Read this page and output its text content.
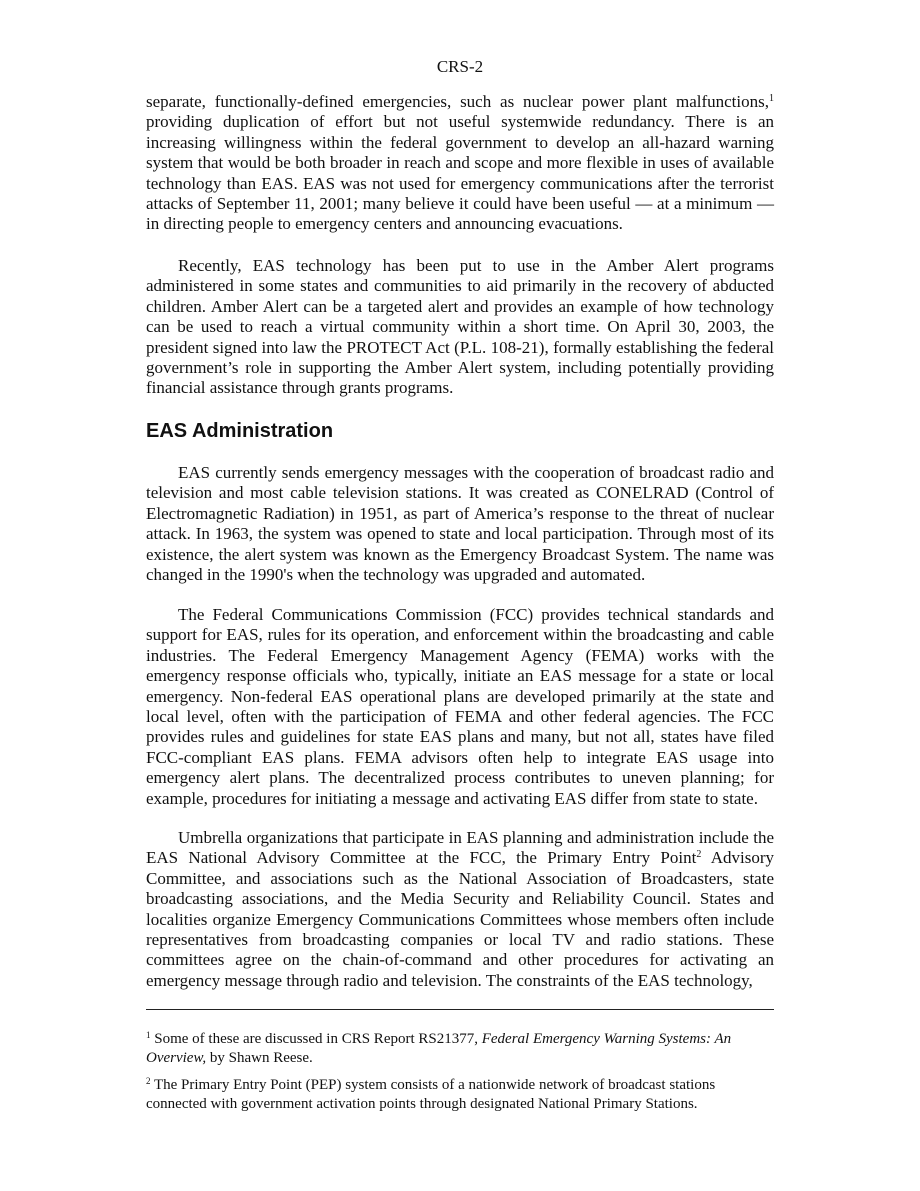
CRS-2

separate, functionally-defined emergencies, such as nuclear power plant malfunctions,$^1$ providing duplication of effort but not useful systemwide redundancy. There is an increasing willingness within the federal government to develop an all-hazard warning system that would be both broader in reach and scope and more flexible in uses of available technology than EAS. EAS was not used for emergency communications after the terrorist attacks of September 11, 2001; many believe it could have been useful — at a minimum — in directing people to emergency centers and announcing evacuations.

Recently, EAS technology has been put to use in the Amber Alert programs administered in some states and communities to aid primarily in the recovery of abducted children. Amber Alert can be a targeted alert and provides an example of how technology can be used to reach a virtual community within a short time. On April 30, 2003, the president signed into law the PROTECT Act (P.L. 108-21), formally establishing the federal government’s role in supporting the Amber Alert system, including potentially providing financial assistance through grants programs.

EAS Administration

EAS currently sends emergency messages with the cooperation of broadcast radio and television and most cable television stations. It was created as CONELRAD (Control of Electromagnetic Radiation) in 1951, as part of America’s response to the threat of nuclear attack. In 1963, the system was opened to state and local participation. Through most of its existence, the alert system was known as the Emergency Broadcast System. The name was changed in the 1990's when the technology was upgraded and automated.

The Federal Communications Commission (FCC) provides technical standards and support for EAS, rules for its operation, and enforcement within the broadcasting and cable industries. The Federal Emergency Management Agency (FEMA) works with the emergency response officials who, typically, initiate an EAS message for a state or local emergency. Non-federal EAS operational plans are developed primarily at the state and local level, often with the participation of FEMA and other federal agencies. The FCC provides rules and guidelines for state EAS plans and many, but not all, states have filed FCC-compliant EAS plans. FEMA advisors often help to integrate EAS usage into emergency alert plans. The decentralized process contributes to uneven planning; for example, procedures for initiating a message and activating EAS differ from state to state.

Umbrella organizations that participate in EAS planning and administration include the EAS National Advisory Committee at the FCC, the Primary Entry Point$^2$ Advisory Committee, and associations such as the National Association of Broadcasters, state broadcasting associations, and the Media Security and Reliability Council. States and localities organize Emergency Communications Committees whose members often include representatives from broadcasting companies or local TV and radio stations. These committees agree on the chain-of-command and other procedures for activating an emergency message through radio and television. The constraints of the EAS technology,

$^1$ Some of these are discussed in CRS Report RS21377, Federal Emergency Warning Systems: An Overview, by Shawn Reese.

$^2$ The Primary Entry Point (PEP) system consists of a nationwide network of broadcast stations connected with government activation points through designated National Primary Stations.
